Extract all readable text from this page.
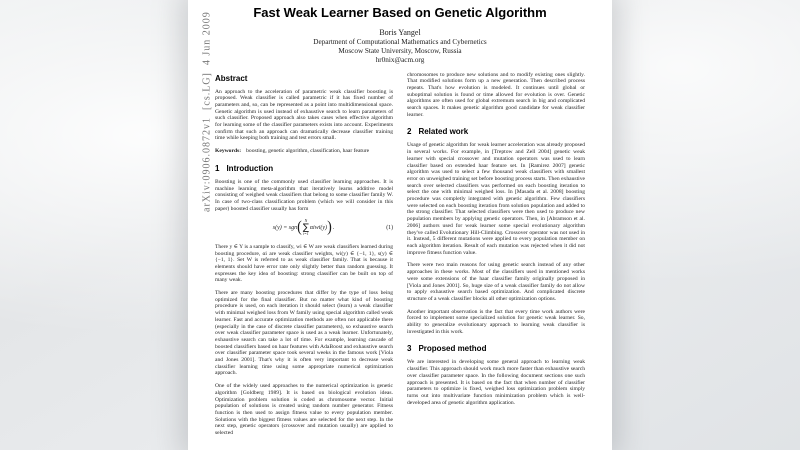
arXiv:0906.0872v1  [cs.LG]  4 Jun 2009	Fast Weak Learner Based on Genetic Algorithm
Boris Yangel
Department of Computational Mathematics and Cybernetics
Moscow State University, Moscow, Russia
hr0nix@acm.org
Abstract

An approach to the acceleration of parametric weak classifier boosting is proposed. Weak classifier is called parametric if it has fixed number of parameters and, so, can be represented as a point into multidimensional space. Genetic algorithm is used instead of exhaustive search to learn parameters of such classifier. Proposed approach also takes cases when effective algorithm for learning some of the classifier parameters exists into account. Experiments confirm that such an approach can dramatically decrease classifier training time while keeping both training and test errors small.

Keywords: boosting, genetic algorithm, classification, haar feature

1 Introduction

Boosting is one of the commonly used classifier learning approaches. It is machine learning meta-algorithm that iteratively learns additive model consisting of weighed weak classifiers that belong to some classifier family W. In case of two-class classification problem (which we will consider in this paper) boosted classifier usually has form

s(y) = sgn ( N
∑
i=1
αiwi(y) ) .	(1)

There y ∈ Y is a sample to classify, wi ∈ W are weak classifiers learned during boosting procedure, αi are weak classifier weights, wi(y) ∈ {−1, 1}, s(y) ∈ {−1, 1}. Set W is referred to as weak classifier family. That is because it elements should have error rate only slightly better than random guessing. It expresses the key idea of boosting: strong classifier can be built on top of many weak.

There are many boosting procedures that differ by the type of loss being optimized for the final classifier. But no matter what kind of boosting procedure is used, on each iteration it should select (learn) a weak classifier with minimal weighed loss from W family using special algorithm called weak learner. Fast and accurate optimization methods are often not applicable there (especially in the case of discrete classifier parameters), so exhaustive search over weak classifier parameter space is used as a weak learner. Unfortunately, exhaustive search can take a lot of time. For example, learning cascade of boosted classifiers based on haar features with AdaBoost and exhaustive search over classifier parameter space took several weeks in the famous work [Viola and Jones 2001]. That's why it is often very important to decrease weak classifier learning time using some appropriate numerical optimization approach.

One of the widely used approaches to the numerical optimization is genetic algorithm [Goldberg 1989]. It is based on biological evolution ideas. Optimization problem solution is coded as chromosome vector. Initial population of solutions is created using random number generator. Fitness function is then used to assign fitness value to every population member. Solutions with the biggest fitness values are selected for the next step. In the next step, genetic operators (crossover and mutation usually) are applied to selected

chromosomes to produce new solutions and to modify existing ones slightly. That modified solutions form up a new generation. Then described process repeats. That's how evolution is modeled. It continues until global or suboptimal solution is found or time allowed for evolution is over. Genetic algorithms are often used for global extremum search in big and complicated search spaces. It makes genetic algorithm good candidate for weak classifier learner.

2 Related work

Usage of genetic algorithm for weak learner acceleration was already proposed in several works. For example, in [Treptow and Zell 2004] genetic weak learner with special crossover and mutation operators was used to learn classifier based on extended haar feature set. In [Ramirez 2007] genetic algorithm was used to select a few thousand weak classifiers with smallest error on unweighed training set before boosting process starts. Then exhaustive search over selected classifiers was performed on each boosting iteration to select the one with minimal weighed loss. In [Masada et al. 2008] boosting procedure was completly integrated with genetic algorithm. Few classifiers were selected on each boosting iteration from solution population and added to the strong classifier. That selected classifiers were then used to produce new population members by applying genetic operators. Then, in [Abramson et al. 2006] authors used for weak learner some special evolutionary algorithm they've called Evolutionary Hill-Climbing. Crossover operator was not used in it. Instead, 5 different mutations were applied to every population member on each algorithm iteration. Result of each mutation was rejected when it did not improve fitness function value.

There were two main reasons for using genetic search instead of any other approaches in these works. Most of the classifiers used in mentioned works were some extensions of the haar classifier family originally proposed in [Viola and Jones 2001]. So, huge size of a weak classifier family do not allow to apply exhaustive search based optimization. And complicated discrete structure of a weak classifier blocks all other optimization options.

Another important observation is the fact that every time work authors were forced to implement some specialized solution for genetic weak learner. So, ability to generalize evolutionary approach to learning weak classifier is investigated in this work.

3 Proposed method

We are interested in developing some general approach to learning weak classifier. This approach should work much more faster than exhaustive search over classifier parameter space. In the following document sections one such approach is presented. It is based on the fact that when number of classifier parameters to optimize is fixed, weighed loss optimization problem simply turns out into multivariate function minimization problem which is well-developed area of genetic algorithm application.
